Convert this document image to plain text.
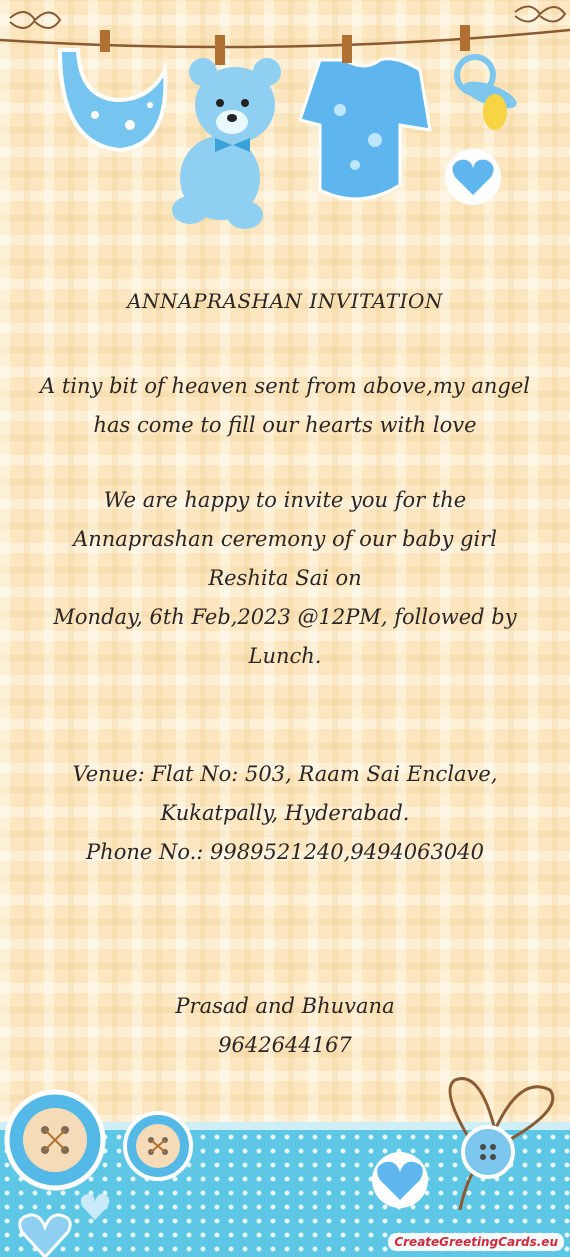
ANNAPRASHAN INVITATION
A tiny bit of heaven sent from above,my angel has come to fill our hearts with love
We are happy to invite you for the Annaprashan ceremony of our baby girl
Reshita Sai on
Monday, 6th Feb,2023 @12PM, followed by Lunch.
Venue: Flat No: 503, Raam Sai Enclave, Kukatpally, Hyderabad.
Phone No.: 9989521240,9494063040
Prasad and Bhuvana
9642644167
CreateGreetingCards.eu
